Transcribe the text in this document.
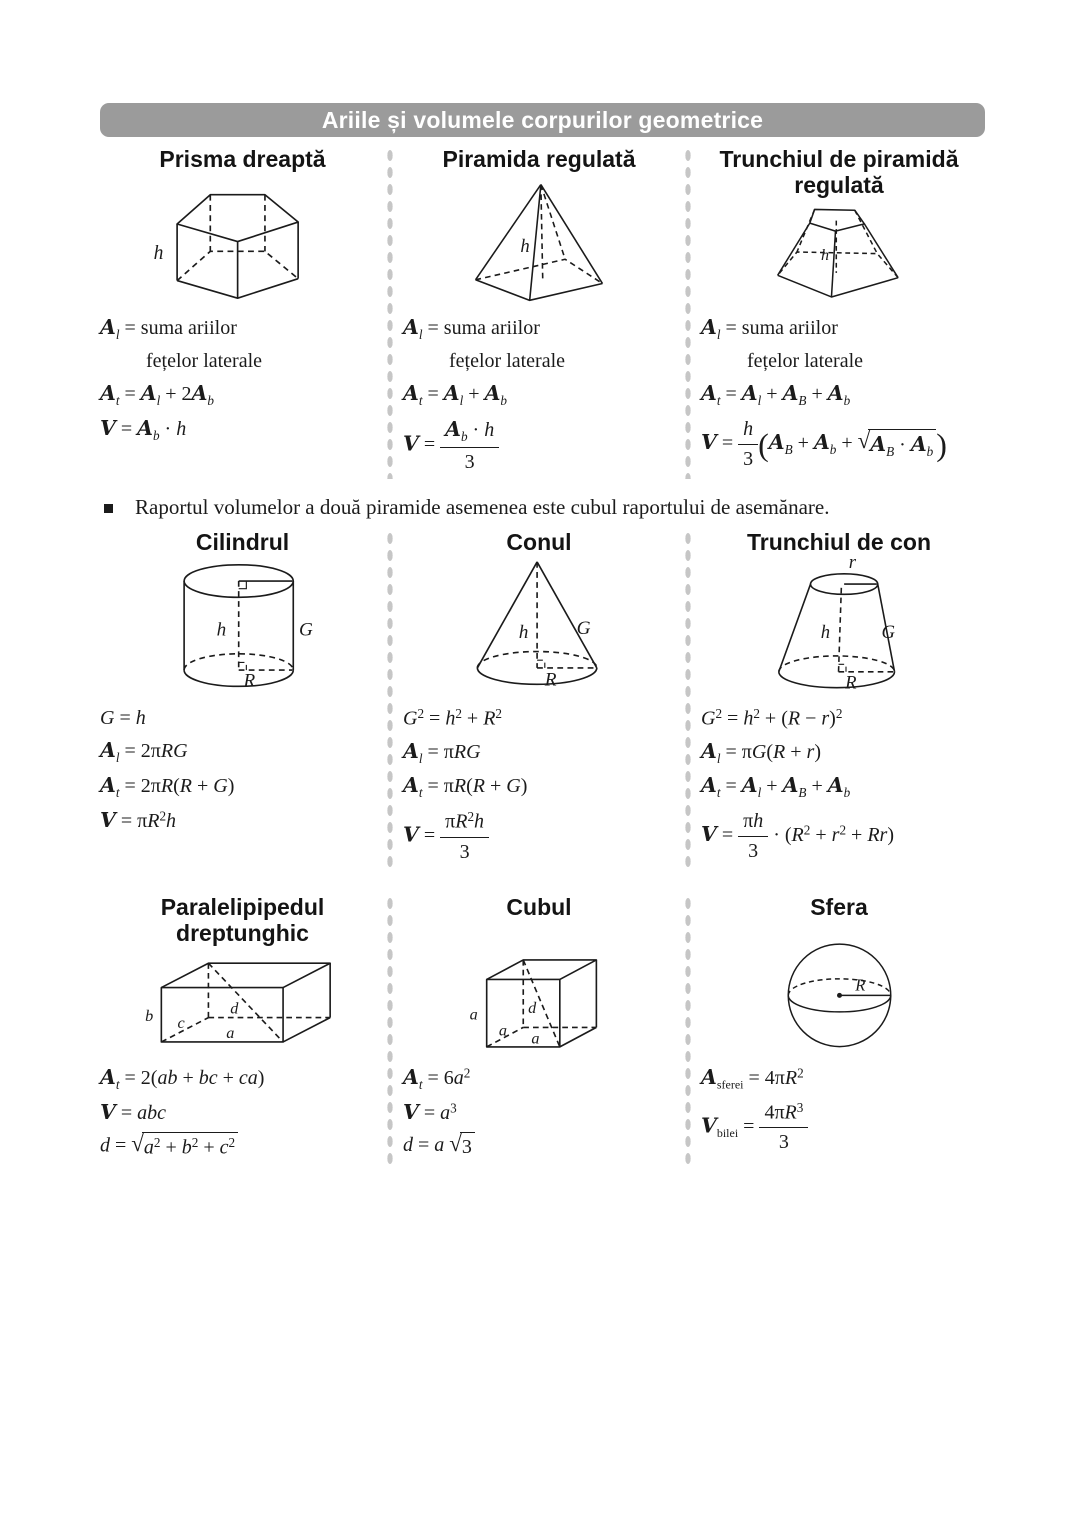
Ariile și volumele corpurilor geometrice
Prisma dreaptă
h
$A_l$ = suma ariilor
fețelor laterale
$A_t = A_l + 2A_b$
$V = A_b \cdot h$
Piramida regulată
h
$A_l$ = suma ariilor
fețelor laterale
$A_t = A_l + A_b$
$V = \frac{A_b \cdot h}{3}$
Trunchiul de piramidă
regulată
h
$A_l$ = suma ariilor
fețelor laterale
$A_t = A_l + A_B + A_b$
$V = \frac{h}{3} (A_B + A_b$ + √ $A_B \cdot A_b$ )
Raportul volumelor a două piramide asemenea este cubul raportului de asemănare.
Cilindrul
h	G
R
G = h
$A_l = 2\pi RG$
$A_t = 2\pi R(R + G)$
$V = \pi R^2h$
Conul
h G
R
$G^2 = h^2 + R^2$
$A_l = \pi RG$
$A_t = \pi R(R + G)$
$V = \frac{\pi R^2h}{3}$
Trunchiul de con
r
h	G
R
$G^2 = h^2 + (R - r)^2$
$A_l = \pi G(R + r)$
$A_t = A_l + A_B + A_b$
$V = \frac{\pi h}{3} \cdot (R^2 + r^2 + Rr)$
Paralelipipedul
dreptunghic
b c
d
a
$A_t = 2(ab$ + bc + ca)
V = abc
d = √ $a^2 + b^2 + c^2$
Cubul
a
a
d
a
$A_t = 6a^2$
$V = a^3$
d = a √ 3
Sfera
R
$A_{sferei} = 4\pi R^2$
$V_{bilei} = \frac{4\pi R^3}{3}$
